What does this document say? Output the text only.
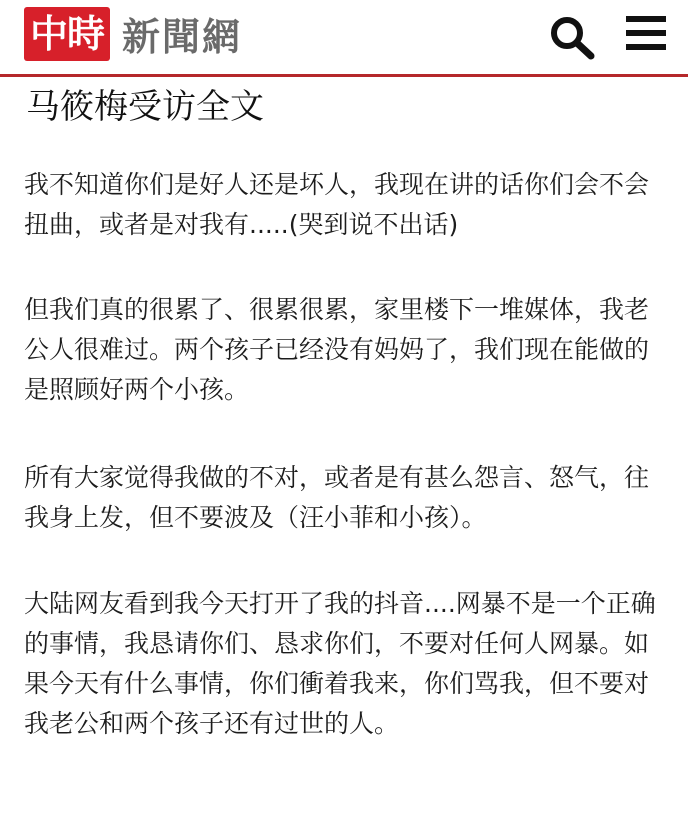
中時 新聞網
马筱梅受访全文

我不知道你们是好人还是坏人，我现在讲的话你们会不会扭曲，或者是对我有.....(哭到说不出话)

但我们真的很累了、很累很累，家里楼下一堆媒体，我老公人很难过。两个孩子已经没有妈妈了，我们现在能做的是照顾好两个小孩。

所有大家觉得我做的不对，或者是有甚么怨言、怒气，往我身上发，但不要波及（汪小菲和小孩）。

大陆网友看到我今天打开了我的抖音....网暴不是一个正确的事情，我恳请你们、恳求你们，不要对任何人网暴。如果今天有什么事情，你们衝着我来，你们骂我，但不要对我老公和两个孩子还有过世的人。
